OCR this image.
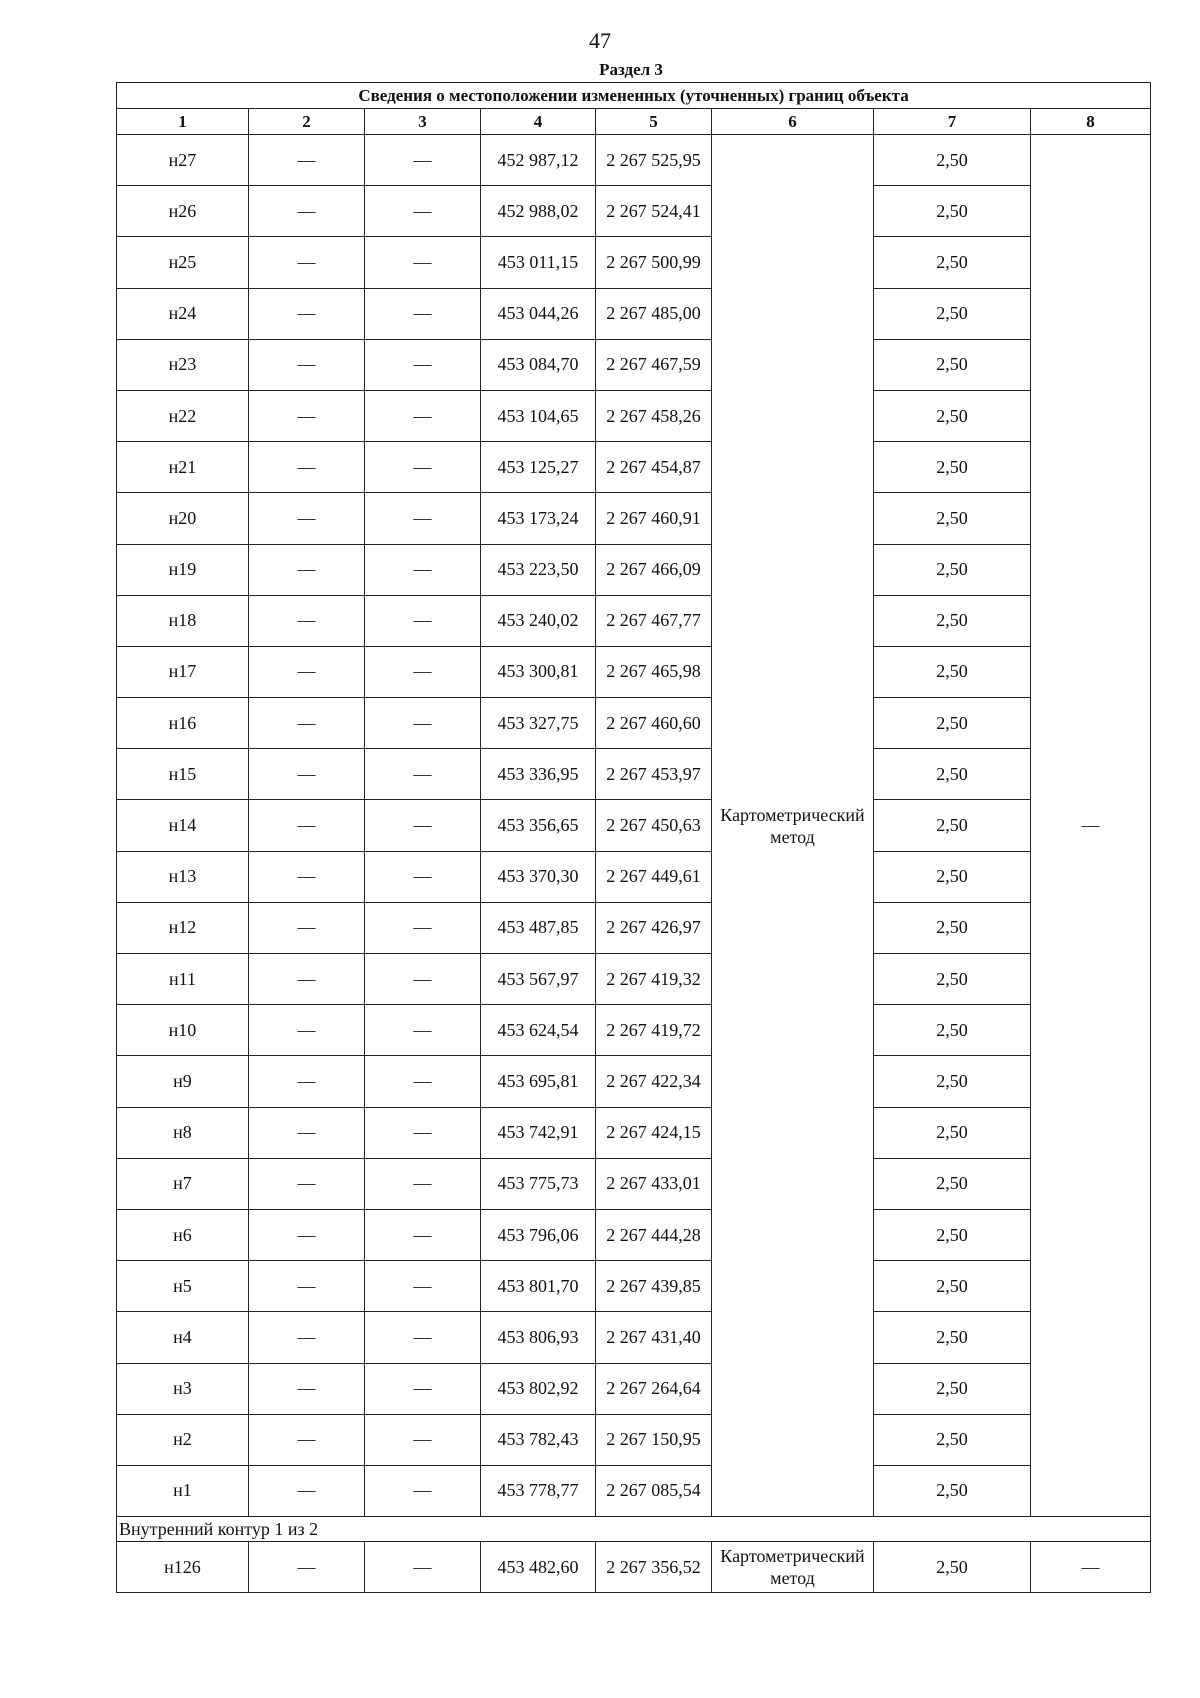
47
Раздел 3
Сведения о местоположении измененных (уточненных) границ объекта							
1	2	3	4	5	6	7	8
н27	—	—	452 987,12	2 267 525,95	Картометрический метод	2,50	—
н26	—	—	452 988,02	2 267 524,41		2,50	
н25	—	—	453 011,15	2 267 500,99		2,50	
н24	—	—	453 044,26	2 267 485,00		2,50	
н23	—	—	453 084,70	2 267 467,59		2,50	
н22	—	—	453 104,65	2 267 458,26		2,50	
н21	—	—	453 125,27	2 267 454,87		2,50	
н20	—	—	453 173,24	2 267 460,91		2,50	
н19	—	—	453 223,50	2 267 466,09		2,50	
н18	—	—	453 240,02	2 267 467,77		2,50	
н17	—	—	453 300,81	2 267 465,98		2,50	
н16	—	—	453 327,75	2 267 460,60		2,50	
н15	—	—	453 336,95	2 267 453,97		2,50	
н14	—	—	453 356,65	2 267 450,63		2,50	
н13	—	—	453 370,30	2 267 449,61		2,50	
н12	—	—	453 487,85	2 267 426,97		2,50	
н11	—	—	453 567,97	2 267 419,32		2,50	
н10	—	—	453 624,54	2 267 419,72		2,50	
н9	—	—	453 695,81	2 267 422,34		2,50	
н8	—	—	453 742,91	2 267 424,15		2,50	
н7	—	—	453 775,73	2 267 433,01		2,50	
н6	—	—	453 796,06	2 267 444,28		2,50	
н5	—	—	453 801,70	2 267 439,85		2,50	
н4	—	—	453 806,93	2 267 431,40		2,50	
н3	—	—	453 802,92	2 267 264,64		2,50	
н2	—	—	453 782,43	2 267 150,95		2,50	
н1	—	—	453 778,77	2 267 085,54		2,50	
Внутренний контур 1 из 2							
н126	—	—	453 482,60	2 267 356,52	Картометрический метод	2,50	—
